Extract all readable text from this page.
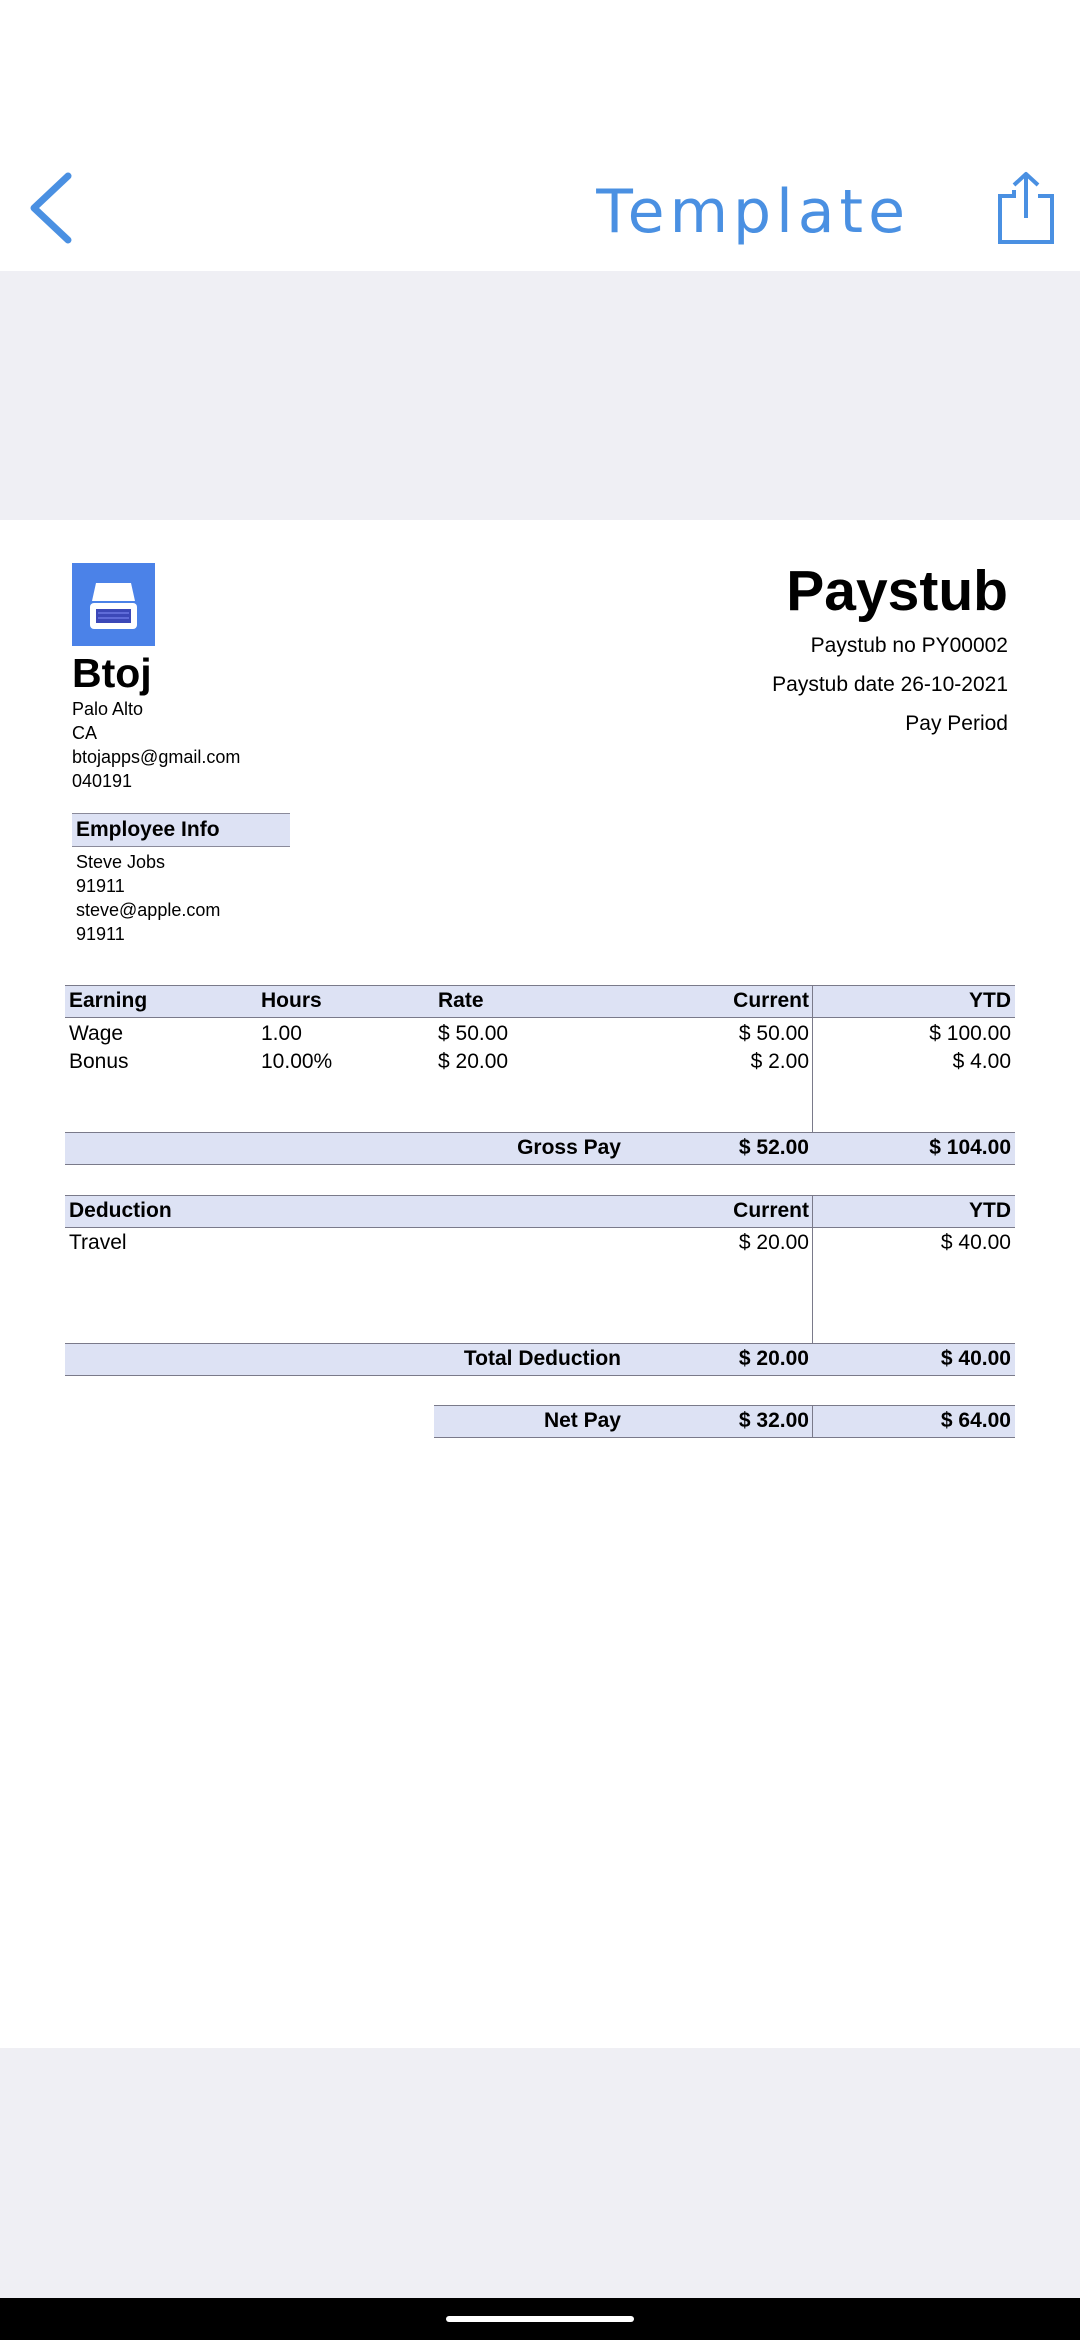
Template
Btoj
Palo Alto
CA
btojapps@gmail.com
040191
Paystub
Paystub no PY00002
Paystub date 26-10-2021
Pay Period
Employee Info
Steve Jobs
91911
steve@apple.com
91911
Earning	Hours	Rate	Current	YTD
Wage	1.00	$ 50.00	$ 50.00	$ 100.00
Bonus	10.00%	$ 20.00	$ 2.00	$ 4.00
Gross Pay	$ 52.00	$ 104.00
Deduction	Current	YTD
Travel	$ 20.00	$ 40.00
Total Deduction	$ 20.00	$ 40.00
Net Pay	$ 32.00	$ 64.00
